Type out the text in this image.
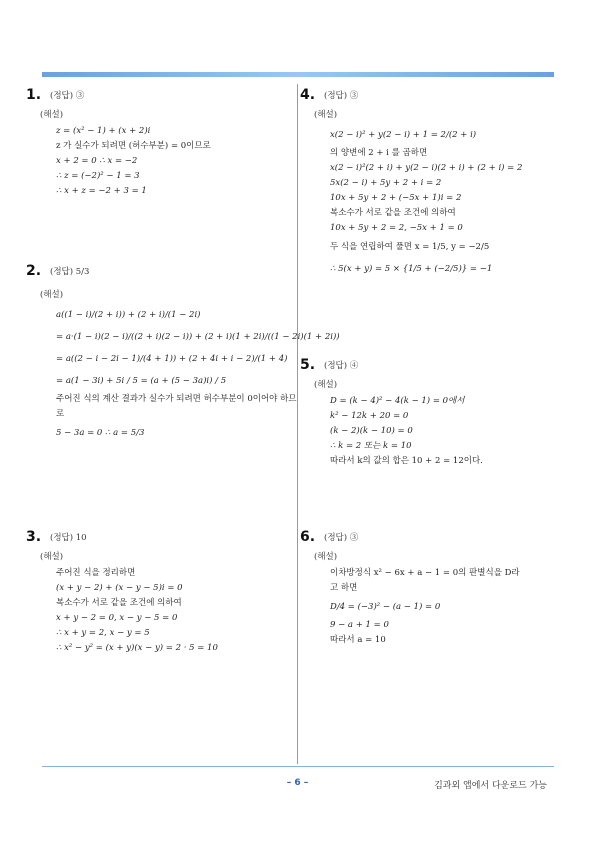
1.	(정답) ③
(해설)
z = (x² − 1) + (x + 2)i
z 가 실수가 되려면 (허수부분) = 0이므로
x + 2 = 0 ∴ x = −2
∴ z = (−2)² − 1 = 3
∴ x + z = −2 + 3 = 1
2.	(정답) 5/3
(해설)
a((1 − i)/(2 + i)) + (2 + i)/(1 − 2i)
= a·(1 − i)(2 − i)/((2 + i)(2 − i)) + (2 + i)(1 + 2i)/((1 − 2i)(1 + 2i))
= a((2 − i − 2i − 1)/(4 + 1)) + (2 + 4i + i − 2)/(1 + 4)
= a(1 − 3i) + 5i / 5 = (a + (5 − 3a)i) / 5
주어진 식의 계산 결과가 실수가 되려면 허수부분이 0이어야 하므
로
5 − 3a = 0 ∴ a = 5/3
3.	(정답) 10
(해설)
주어진 식을 정리하면
(x + y − 2) + (x − y − 5)i = 0
복소수가 서로 같을 조건에 의하여
x + y − 2 = 0, x − y − 5 = 0
∴ x + y = 2, x − y = 5
∴ x² − y² = (x + y)(x − y) = 2 · 5 = 10
4.	(정답) ③
(해설)
x(2 − i)² + y(2 − i) + 1 = 2/(2 + i)
의 양변에 2 + i 를 곱하면
x(2 − i)²(2 + i) + y(2 − i)(2 + i) + (2 + i) = 2
5x(2 − i) + 5y + 2 + i = 2
10x + 5y + 2 + (−5x + 1)i = 2
복소수가 서로 같을 조건에 의하여
10x + 5y + 2 = 2, −5x + 1 = 0
두 식을 연립하여 풀면 x = 1/5, y = −2/5
∴ 5(x + y) = 5 × {1/5 + (−2/5)} = −1
5.	(정답) ④
(해설)
D = (k − 4)² − 4(k − 1) = 0에서
k² − 12k + 20 = 0
(k − 2)(k − 10) = 0
∴ k = 2 또는 k = 10
따라서 k의 값의 합은 10 + 2 = 12이다.
6.	(정답) ③
(해설)
이차방정식 x² − 6x + a − 1 = 0의 판별식을 D라
고 하면
D/4 = (−3)² − (a − 1) = 0
9 − a + 1 = 0
따라서 a = 10
– 6 –	김과외 앱에서 다운로드 가능
